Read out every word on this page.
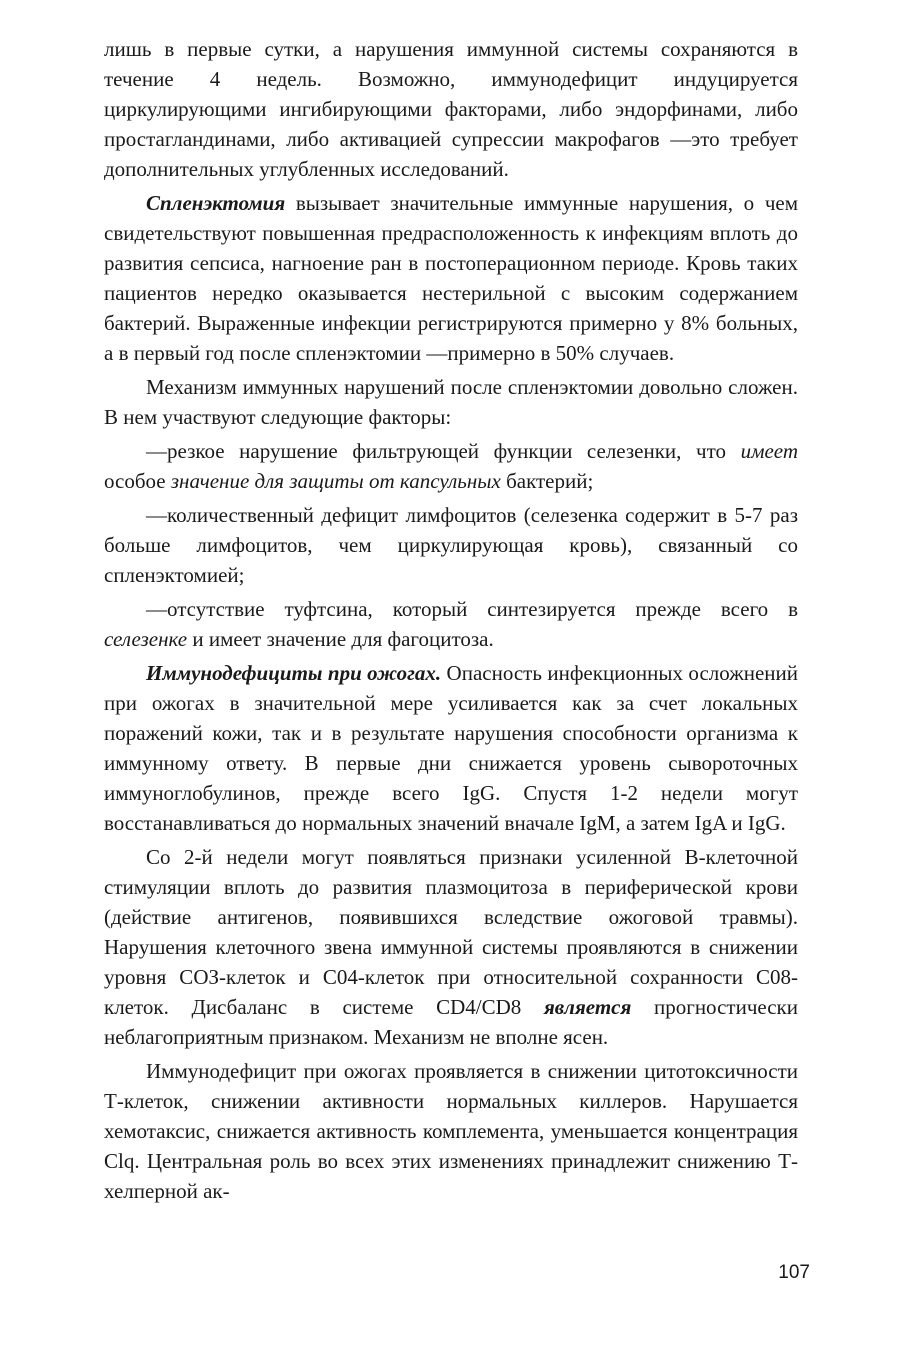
лишь в первые сутки, а нарушения иммунной системы сохраняются в течение 4 недель. Возможно, иммунодефицит индуцируется циркулирующими ингибирующими факторами, либо эндорфинами, либо простагландинами, либо активацией супрессии макрофагов —это требует дополнительных углубленных исследований.

Спленэктомия вызывает значительные иммунные нарушения, о чем свидетельствуют повышенная предрасположенность к инфекциям вплоть до развития сепсиса, нагноение ран в постоперационном периоде. Кровь таких пациентов нередко оказывается нестерильной с высоким содержанием бактерий. Выраженные инфекции регистрируются примерно у 8% больных, а в первый год после спленэктомии —примерно в 50% случаев.

Механизм иммунных нарушений после спленэктомии довольно сложен. В нем участвуют следующие факторы:

—резкое нарушение фильтрующей функции селезенки, что имеет особое значение для защиты от капсульных бактерий;

—количественный дефицит лимфоцитов (селезенка содержит в 5-7 раз больше лимфоцитов, чем циркулирующая кровь), связанный со спленэктомией;

—отсутствие туфтсина, который синтезируется прежде всего в селезенке и имеет значение для фагоцитоза.

Иммунодефициты при ожогах. Опасность инфекционных осложнений при ожогах в значительной мере усиливается как за счет локальных поражений кожи, так и в результате нарушения способности организма к иммунному ответу. В первые дни снижается уровень сывороточных иммуноглобулинов, прежде всего IgG. Спустя 1-2 недели могут восстанавливаться до нормальных значений вначале IgM, а затем IgA и IgG.

Со 2-й недели могут появляться признаки усиленной В-клеточной стимуляции вплоть до развития плазмоцитоза в периферической крови (действие антигенов, появившихся вследствие ожоговой травмы). Нарушения клеточного звена иммунной системы проявляются в снижении уровня СОЗ-клеток и С04-клеток при относительной сохранности С08-клеток. Дисбаланс в системе CD4/CD8 является прогностически неблагоприятным признаком. Механизм не вполне ясен.

Иммунодефицит при ожогах проявляется в снижении цитотоксичности Т-клеток, снижении активности нормальных киллеров. Нарушается хемотаксис, снижается активность комплемента, уменьшается концентрация Clq. Центральная роль во всех этих изменениях принадлежит снижению Т-хелперной ак-

107
